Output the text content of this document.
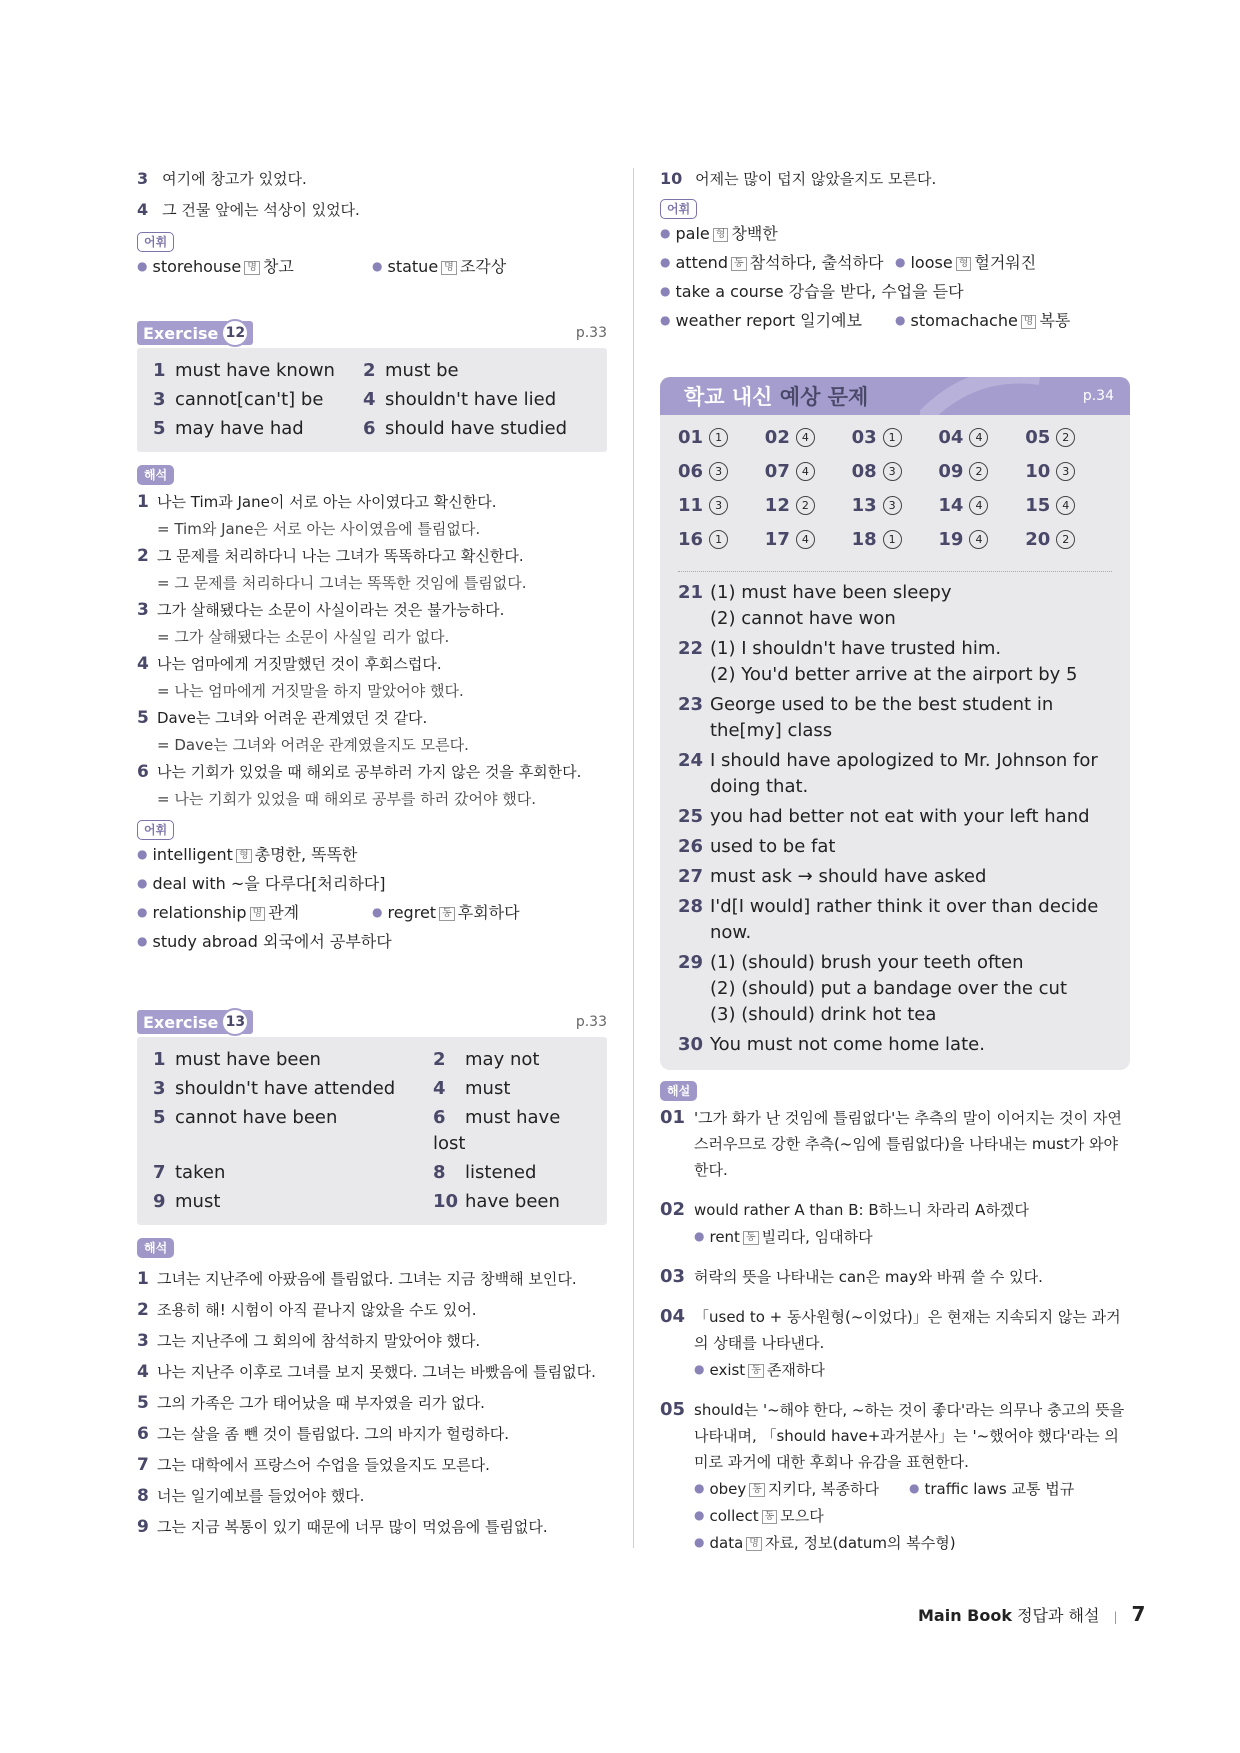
3 여기에 창고가 있었다.
4 그 건물 앞에는 석상이 있었다.
어휘
● storehouse 명 창고	● statue 명 조각상
Exercise 12	p.33
1 must have known	2 must be
3 cannot[can't] be	4 shouldn't have lied
5 may have had	6 should have studied
해석
1 나는 Tim과 Jane이 서로 아는 사이였다고 확신한다.
= Tim와 Jane은 서로 아는 사이였음에 틀림없다.
2 그 문제를 처리하다니 나는 그녀가 똑똑하다고 확신한다.
= 그 문제를 처리하다니 그녀는 똑똑한 것임에 틀림없다.
3 그가 살해됐다는 소문이 사실이라는 것은 불가능하다.
= 그가 살해됐다는 소문이 사실일 리가 없다.
4 나는 엄마에게 거짓말했던 것이 후회스럽다.
= 나는 엄마에게 거짓말을 하지 말았어야 했다.
5 Dave는 그녀와 어려운 관계였던 것 같다.
= Dave는 그녀와 어려운 관계였을지도 모른다.
6 나는 기회가 있었을 때 해외로 공부하러 가지 않은 것을 후회한다.
= 나는 기회가 있었을 때 해외로 공부를 하러 갔어야 했다.
어휘
● intelligent 형 총명한, 똑똑한
● deal with ~을 다루다[처리하다]
● relationship 명 관계	● regret 동 후회하다
● study abroad 외국에서 공부하다
Exercise 13	p.33
1 must have been	2 may not
3 shouldn't have attended	4 must
5 cannot have been	6 must have lost
7 taken	8 listened
9 must	10 have been
해석
1 그녀는 지난주에 아팠음에 틀림없다. 그녀는 지금 창백해 보인다.
2 조용히 해! 시험이 아직 끝나지 않았을 수도 있어.
3 그는 지난주에 그 회의에 참석하지 말았어야 했다.
4 나는 지난주 이후로 그녀를 보지 못했다. 그녀는 바빴음에 틀림없다.
5 그의 가족은 그가 태어났을 때 부자였을 리가 없다.
6 그는 살을 좀 뺀 것이 틀림없다. 그의 바지가 헐렁하다.
7 그는 대학에서 프랑스어 수업을 들었을지도 모른다.
8 너는 일기예보를 들었어야 했다.
9 그는 지금 복통이 있기 때문에 너무 많이 먹었음에 틀림없다.
10 어제는 많이 덥지 않았을지도 모른다.
어휘
● pale 형 창백한
● attend 동 참석하다, 출석하다 ● loose 형 헐거워진
● take a course 강습을 받다, 수업을 듣다
● weather report 일기예보	● stomachache 명 복통
학교 내신 예상 문제	p.34
01 1	02 4	03 1	04 4	05 2
06 3	07 4	08 3	09 2	10 3
11 3	12 2	13 3	14 4	15 4
16 1	17 4	18 1	19 4	20 2
21 (1) must have been sleepy
(2) cannot have won
22 (1) I shouldn't have trusted him.
(2) You'd better arrive at the airport by 5
23 George used to be the best student in the[my] class
24 I should have apologized to Mr. Johnson for doing that.
25 you had better not eat with your left hand
26 used to be fat
27 must ask → should have asked
28 I'd[I would] rather think it over than decide now.
29 (1) (should) brush your teeth often
(2) (should) put a bandage over the cut
(3) (should) drink hot tea
30 You must not come home late.
해설
01 '그가 화가 난 것임에 틀림없다'는 추측의 말이 이어지는 것이 자연스러우므로 강한 추측(~임에 틀림없다)을 나타내는 must가 와야 한다.
02 would rather A than B: B하느니 차라리 A하겠다
● rent 동 빌리다, 임대하다
03 허락의 뜻을 나타내는 can은 may와 바꿔 쓸 수 있다.
04 「used to + 동사원형(~이었다)」은 현재는 지속되지 않는 과거의 상태를 나타낸다.
● exist 동 존재하다
05 should는 '~해야 한다, ~하는 것이 좋다'라는 의무나 충고의 뜻을 나타내며, 「should have+과거분사」는 '~했어야 했다'라는 의미로 과거에 대한 후회나 유감을 표현한다.
● obey 동 지키다, 복종하다	● traffic laws 교통 법규
● collect 동 모으다
● data 명 자료, 정보(datum의 복수형)
Main Book 정답과 해설 | 7
